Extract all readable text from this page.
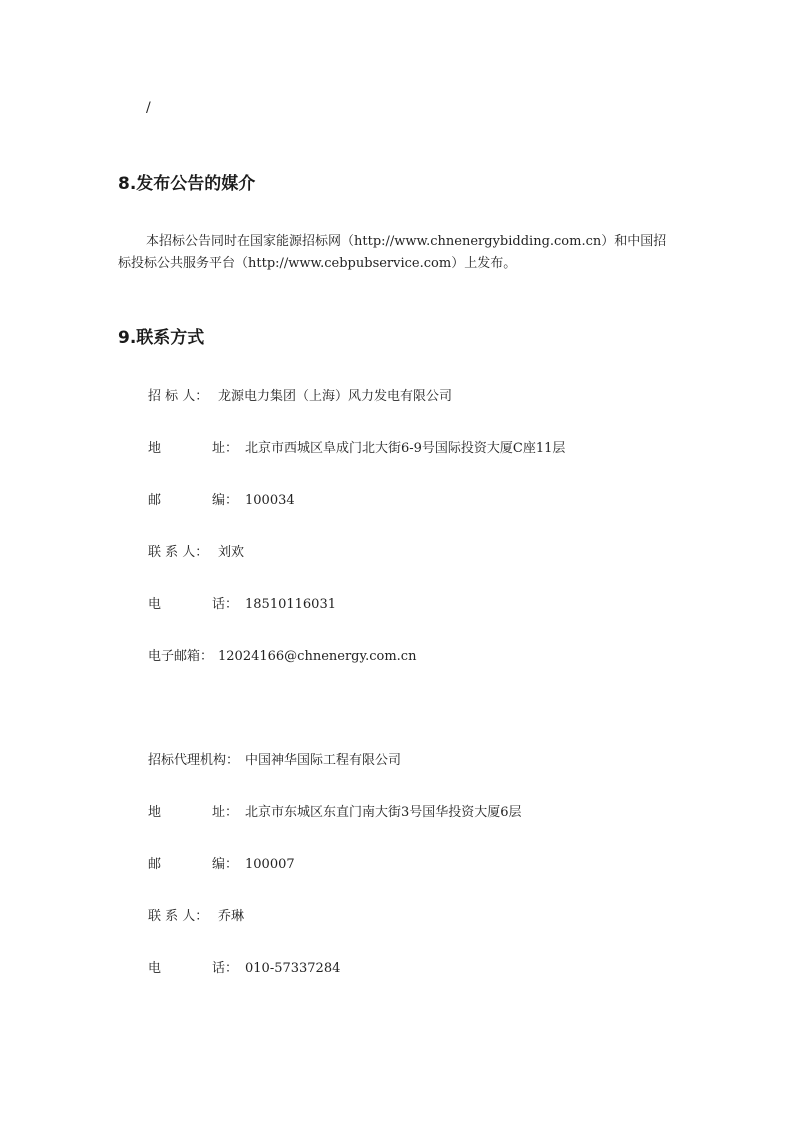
/
8.发布公告的媒介
本招标公告同时在国家能源招标网（http://www.chnenergybidding.com.cn）和中国招
标投标公共服务平台（http://www.cebpubservice.com）上发布。
9.联系方式
招 标 人： 龙源电力集团（上海）风力发电有限公司
地	址： 北京市西城区阜成门北大街6-9号国际投资大厦C座11层
邮	编： 100034
联 系 人： 刘欢
电	话： 18510116031
电子邮箱： 12024166@chnenergy.com.cn
招标代理机构： 中国神华国际工程有限公司
地	址： 北京市东城区东直门南大街3号国华投资大厦6层
邮	编： 100007
联 系 人： 乔琳
电	话： 010-57337284
